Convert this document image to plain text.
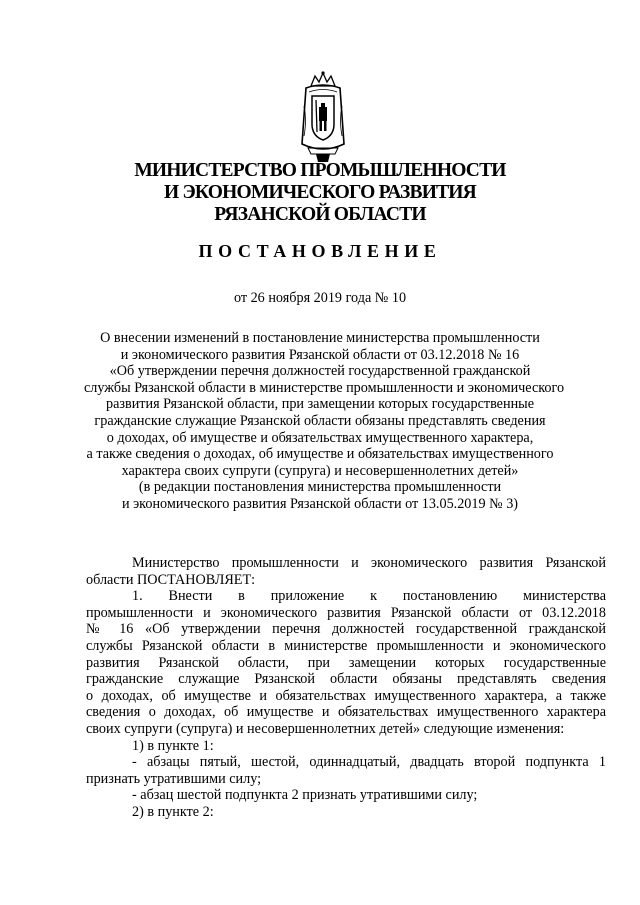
МИНИСТЕРСТВО ПРОМЫШЛЕННОСТИ
И ЭКОНОМИЧЕСКОГО РАЗВИТИЯ
РЯЗАНСКОЙ ОБЛАСТИ
ПОСТАНОВЛЕНИЕ
от 26 ноября 2019 года № 10
О внесении изменений в постановление министерства промышленности
и экономического развития Рязанской области от 03.12.2018 № 16
«Об утверждении перечня должностей государственной гражданской
службы Рязанской области в министерстве промышленности и экономического
развития Рязанской области, при замещении которых государственные
гражданские служащие Рязанской области обязаны представлять сведения
о доходах, об имуществе и обязательствах имущественного характера,
а также сведения о доходах, об имуществе и обязательствах имущественного
характера своих супруги (супруга) и несовершеннолетних детей»
(в редакции постановления министерства промышленности
и экономического развития Рязанской области от 13.05.2019 № 3)
Министерство промышленности и экономического развития Рязанской
области ПОСТАНОВЛЯЕТ:
1. Внести в приложение к постановлению министерства
промышленности и экономического развития Рязанской области от 03.12.2018
№ 16 «Об утверждении перечня должностей государственной гражданской
службы Рязанской области в министерстве промышленности и экономического
развития Рязанской области, при замещении которых государственные
гражданские служащие Рязанской области обязаны представлять сведения
о доходах, об имуществе и обязательствах имущественного характера, а также
сведения о доходах, об имуществе и обязательствах имущественного характера
своих супруги (супруга) и несовершеннолетних детей» следующие изменения:
1) в пункте 1:
- абзацы пятый, шестой, одиннадцатый, двадцать второй подпункта 1
признать утратившими силу;
- абзац шестой подпункта 2 признать утратившими силу;
2) в пункте 2:
